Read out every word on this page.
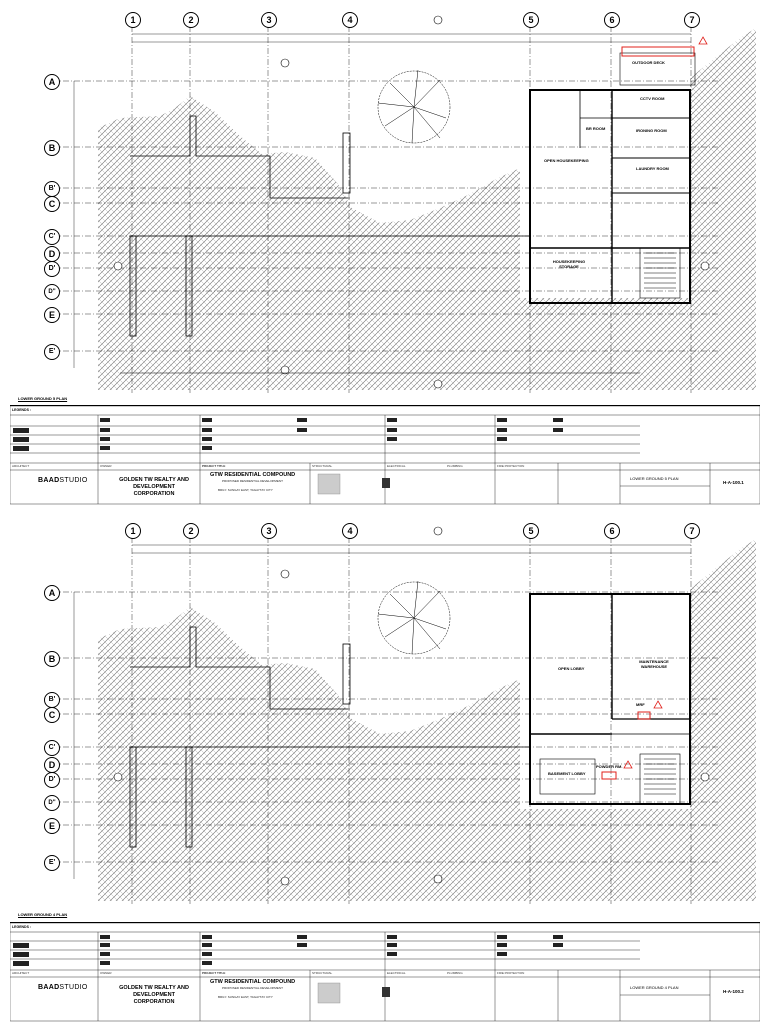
1	2	3	4	5	6	7
A
B
B'
C
C'
D
D'
D''
E
E'
OUTDOOR DECK
BR ROOM
CCTV ROOM
IRONING ROOM
OPEN HOUSEKEEPING
LAUNDRY ROOM
HOUSEKEEPING STORAGE
LOWER GROUND 5 PLAN
LEGENDS :
ARCHITECT	OWNER	PROJECT TITLE	STRUCTURAL	ELECTRICAL	PLUMBING	FIRE PROTECTION
BAADSTUDIO	GOLDEN TW REALTY AND DEVELOPMENT CORPORATION
GTW RESIDENTIAL COMPOUND
PROPOSED RESIDENTIAL DEVELOPMENT
BRGY. SUNGAY EAST, TAGAYTAY CITY
LOWER GROUND 5 PLAN
H-A-100.1
1	2	3	4	5	6	7
A
B
B'
C
C'
D
D'
D''
E
E'
OPEN LOBBY
MAINTENANCE WAREHOUSE
MRF
BASEMENT LOBBY
POWDER RM.
LOWER GROUND 4 PLAN
LEGENDS :
ARCHITECT	OWNER	PROJECT TITLE	STRUCTURAL	ELECTRICAL	PLUMBING	FIRE PROTECTION
BAADSTUDIO	GOLDEN TW REALTY AND DEVELOPMENT CORPORATION
GTW RESIDENTIAL COMPOUND
PROPOSED RESIDENTIAL DEVELOPMENT
BRGY. SUNGAY EAST, TAGAYTAY CITY
LOWER GROUND 4 PLAN
H-A-100.2
